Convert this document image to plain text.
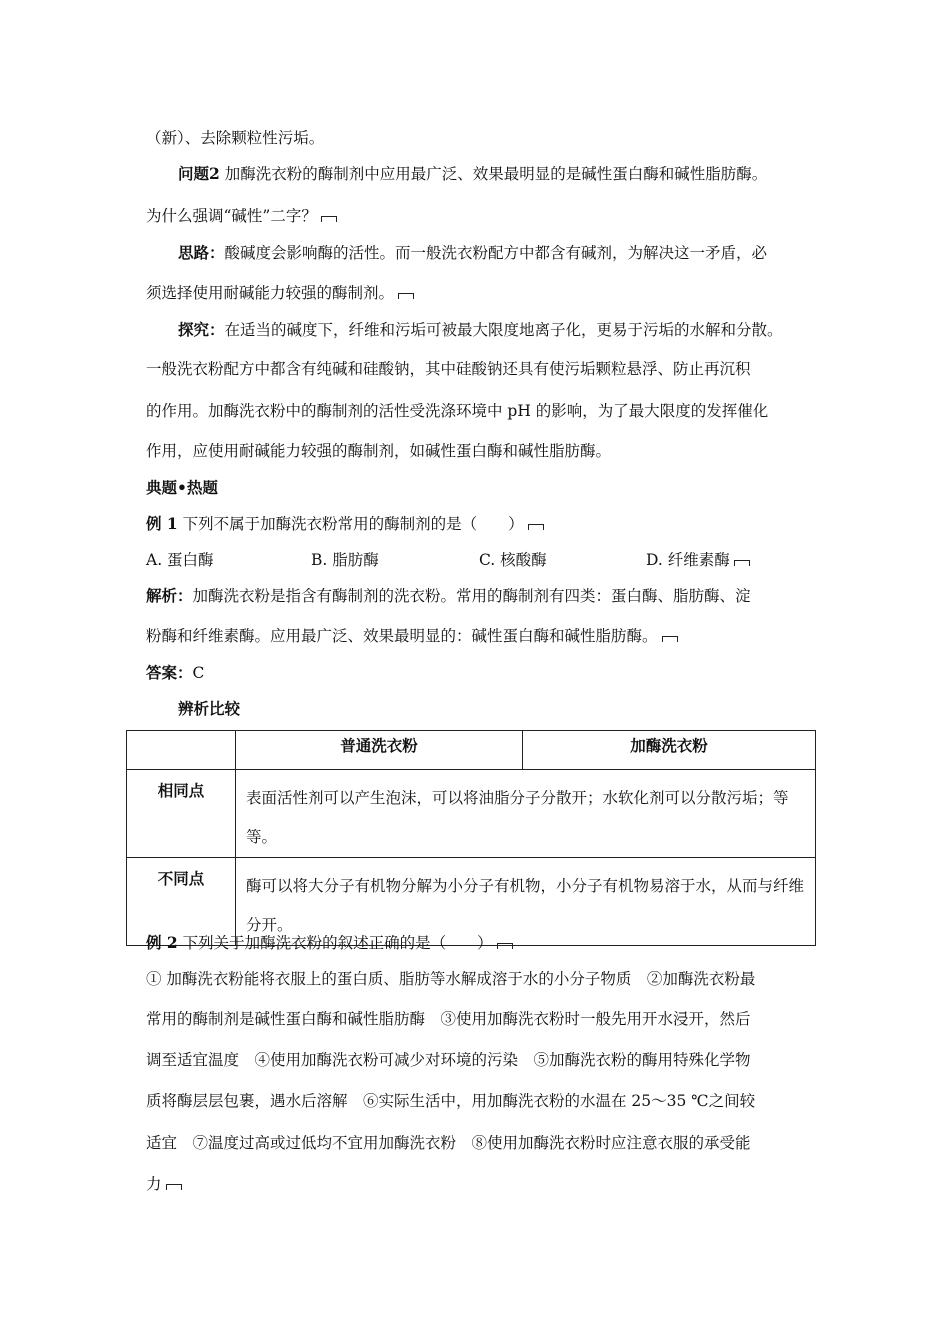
（新）、去除颗粒性污垢。
问题2 加酶洗衣粉的酶制剂中应用最广泛、效果最明显的是碱性蛋白酶和碱性脂肪酶。
为什么强调“碱性”二字？
思路：酸碱度会影响酶的活性。而一般洗衣粉配方中都含有碱剂，为解决这一矛盾，必
须选择使用耐碱能力较强的酶制剂。
探究：在适当的碱度下，纤维和污垢可被最大限度地离子化，更易于污垢的水解和分散。
一般洗衣粉配方中都含有纯碱和硅酸钠，其中硅酸钠还具有使污垢颗粒悬浮、防止再沉积
的作用。加酶洗衣粉中的酶制剂的活性受洗涤环境中 pH 的影响，为了最大限度的发挥催化
作用，应使用耐碱能力较强的酶制剂，如碱性蛋白酶和碱性脂肪酶。
典题•热题
例 1 下列不属于加酶洗衣粉常用的酶制剂的是（　　）
A. 蛋白酶	B. 脂肪酶	C. 核酸酶	D. 纤维素酶
解析：加酶洗衣粉是指含有酶制剂的洗衣粉。常用的酶制剂有四类：蛋白酶、脂肪酶、淀
粉酶和纤维素酶。应用最广泛、效果最明显的：碱性蛋白酶和碱性脂肪酶。
答案：C
辨析比较
	普通洗衣粉	加酶洗衣粉
相同点	表面活性剂可以产生泡沫，可以将油脂分子分散开；水软化剂可以分散污垢；等等。	
不同点	酶可以将大分子有机物分解为小分子有机物，小分子有机物易溶于水，从而与纤维分开。	
例 2 下列关于加酶洗衣粉的叙述正确的是（　　）
① 加酶洗衣粉能将衣服上的蛋白质、脂肪等水解成溶于水的小分子物质　②加酶洗衣粉最
常用的酶制剂是碱性蛋白酶和碱性脂肪酶　③使用加酶洗衣粉时一般先用开水浸开，然后
调至适宜温度　④使用加酶洗衣粉可减少对环境的污染　⑤加酶洗衣粉的酶用特殊化学物
质将酶层层包裹，遇水后溶解　⑥实际生活中，用加酶洗衣粉的水温在 25～35 ℃之间较
适宜　⑦温度过高或过低均不宜用加酶洗衣粉　⑧使用加酶洗衣粉时应注意衣服的承受能
力
